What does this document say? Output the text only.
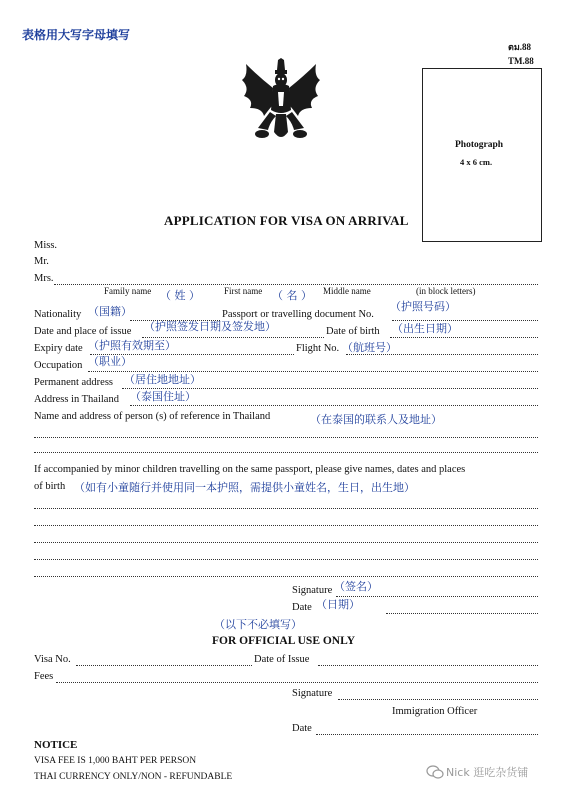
表格用大写字母填写
ตม.88
TM.88
Photograph
4 x 6 cm.
APPLICATION FOR VISA ON ARRIVAL
Miss.
Mr.
Mrs.
Family name （ 姓 ）	First name （ 名 ） Middle name	(in block letters)
Nationality （国籍）	Passport or travelling document No.
（护照号码）
Date and place of issue （护照签发日期及签发地）	Date of birth （出生日期）
Expiry date （护照有效期至）	Flight No. （航班号）
Occupation （职业）
Permanent address （居住地地址）
Address in Thailand （泰国住址）
Name and address of person (s) of reference in Thailand	（在泰国的联系人及地址）
If accompanied by minor children travelling on the same passport, please give names, dates and places
of birth （如有小童随行并使用同一本护照，需提供小童姓名，生日，出生地）
Signature （签名）
Date （日期）
（以下不必填写）
FOR OFFICIAL USE ONLY
Visa No.	Date of Issue
Fees
Signature
Immigration Officer
Date
NOTICE
VISA FEE IS 1,000 BAHT PER PERSON
THAI CURRENCY ONLY/NON - REFUNDABLE	Nick 逛吃杂货铺
